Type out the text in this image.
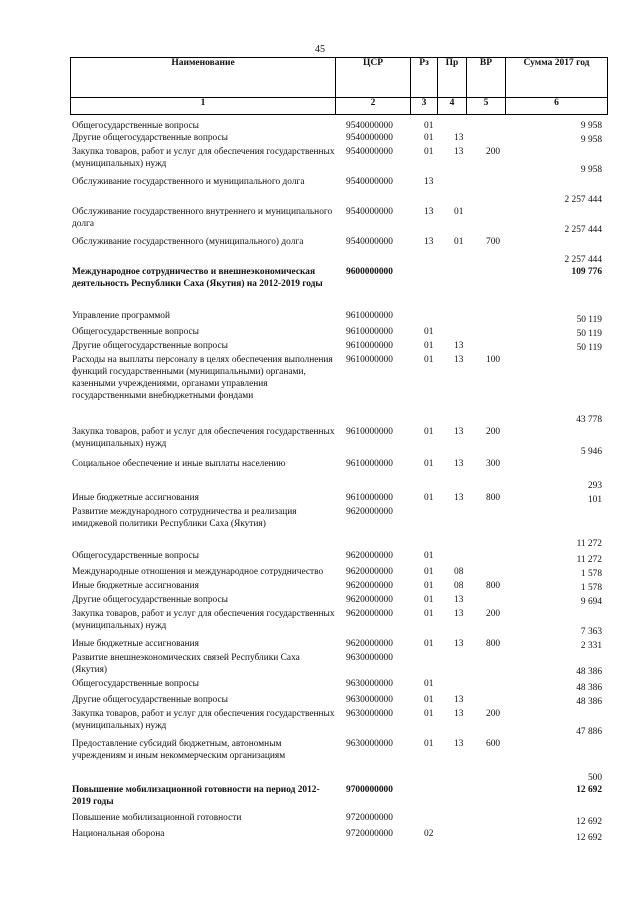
45
Наименование	ЦСР	Рз	Пр	ВР	Сумма 2017 год
1	2	3	4	5	6
Общегосударственные вопросы	9540000000	01			9 958
Другие общегосударственные вопросы	9540000000	01	13		9 958
Закупка товаров, работ и услуг для обеспечения государственных (муниципальных) нужд	9540000000	01	13	200	9 958
Обслуживание государственного и муниципального долга	9540000000	13			2 257 444
Обслуживание государственного внутреннего и муниципального долга	9540000000	13	01		2 257 444
Обслуживание государственного (муниципального) долга	9540000000	13	01	700	2 257 444
Международное сотрудничество и внешнеэкономическая деятельность Республики Саха (Якутия) на 2012-2019 годы	9600000000				109 776
Управление программой	9610000000				50 119
Общегосударственные вопросы	9610000000	01			50 119
Другие общегосударственные вопросы	9610000000	01	13		50 119
Расходы на выплаты персоналу в целях обеспечения выполнения функций государственными (муниципальными) органами, казенными учреждениями, органами управления государственными внебюджетными фондами	9610000000	01	13	100	43 778
Закупка товаров, работ и услуг для обеспечения государственных (муниципальных) нужд	9610000000	01	13	200	5 946
Социальное обеспечение и иные выплаты населению	9610000000	01	13	300	293
Иные бюджетные ассигнования	9610000000	01	13	800	101
Развитие международного сотрудничества и реализация имиджевой политики Республики Саха (Якутия)	9620000000				11 272
Общегосударственные вопросы	9620000000	01			11 272
Международные отношения и международное сотрудничество	9620000000	01	08		1 578
Иные бюджетные ассигнования	9620000000	01	08	800	1 578
Другие общегосударственные вопросы	9620000000	01	13		9 694
Закупка товаров, работ и услуг для обеспечения государственных (муниципальных) нужд	9620000000	01	13	200	7 363
Иные бюджетные ассигнования	9620000000	01	13	800	2 331
Развитие внешнеэкономических связей Республики Саха (Якутия)	9630000000				48 386
Общегосударственные вопросы	9630000000	01			48 386
Другие общегосударственные вопросы	9630000000	01	13		48 386
Закупка товаров, работ и услуг для обеспечения государственных (муниципальных) нужд	9630000000	01	13	200	47 886
Предоставление субсидий бюджетным, автономным учреждениям и иным некоммерческим организациям	9630000000	01	13	600	500
Повышение мобилизационной готовности на период 2012-2019 годы	9700000000				12 692
Повышение мобилизационной готовности	9720000000				12 692
Национальная оборона	9720000000	02			12 692
